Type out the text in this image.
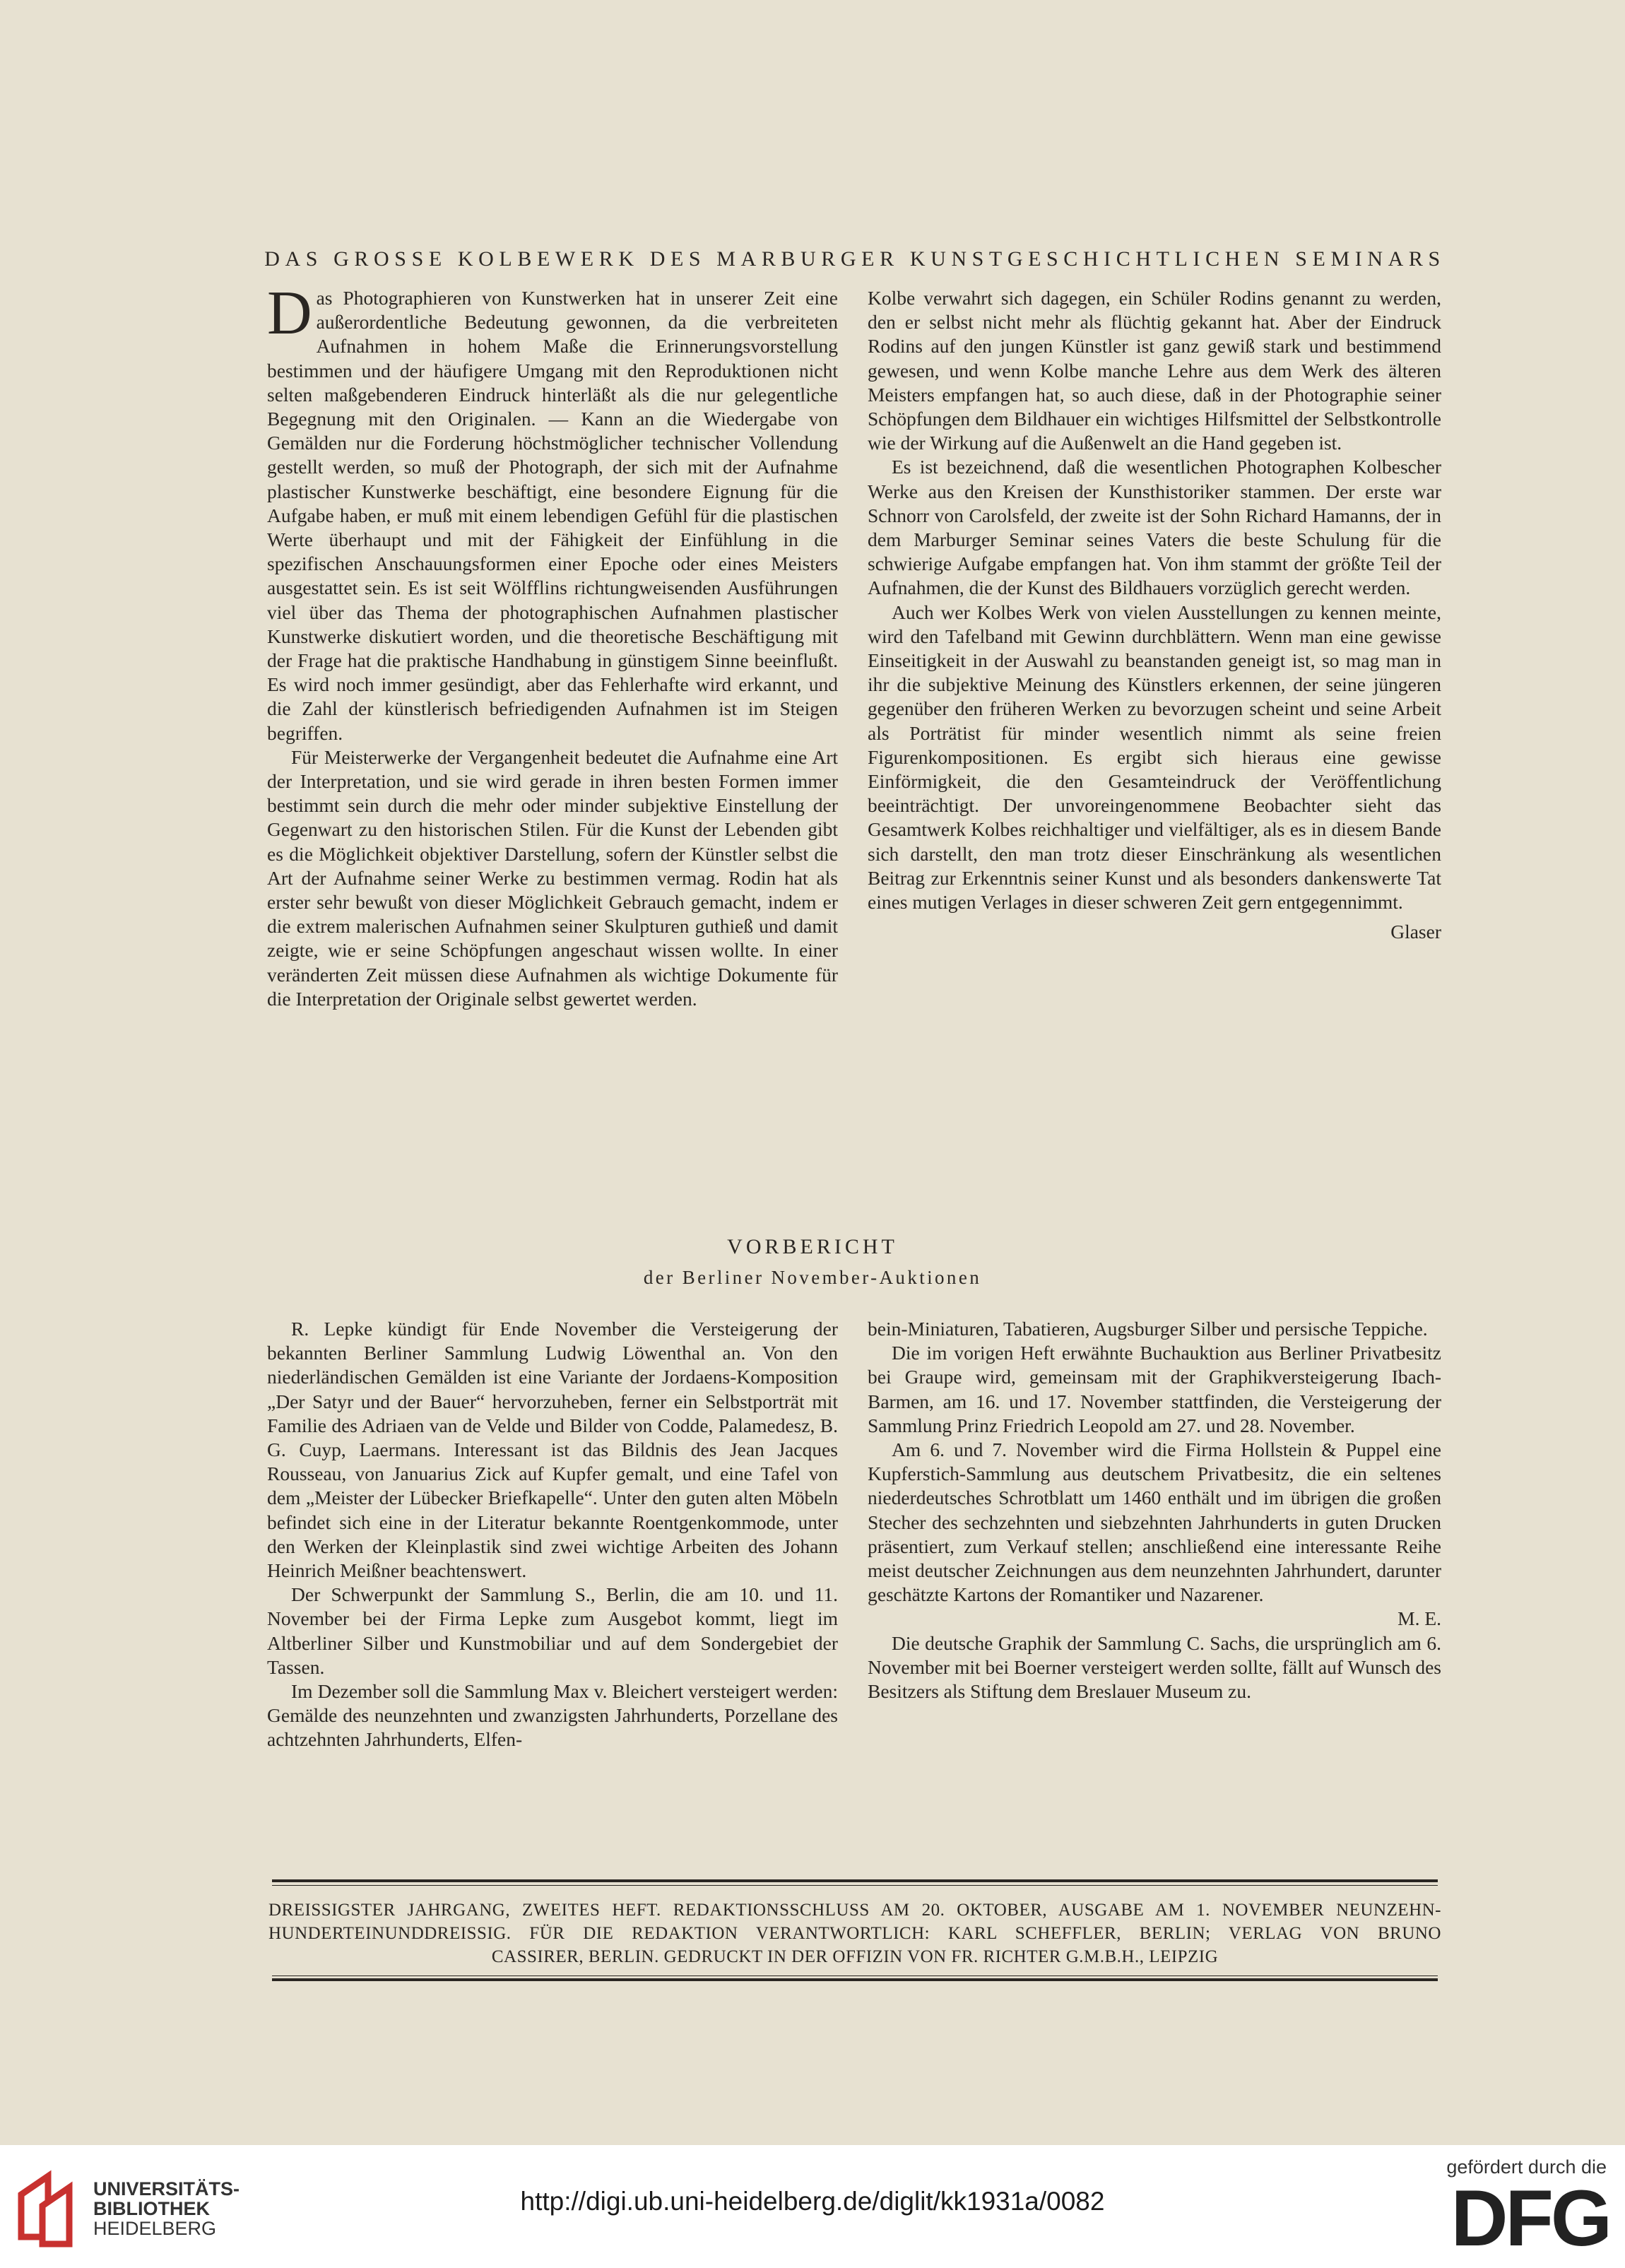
DAS GROSSE KOLBEWERK DES MARBURGER KUNSTGESCHICHTLICHEN SEMINARS

Das Photographieren von Kunstwerken hat in unserer Zeit eine außerordentliche Bedeutung gewonnen, da die verbreiteten Aufnahmen in hohem Maße die Erinnerungsvorstellung bestimmen und der häufigere Umgang mit den Reproduktionen nicht selten maßgebenderen Eindruck hinterläßt als die nur gelegentliche Begegnung mit den Originalen. — Kann an die Wiedergabe von Gemälden nur die Forderung höchstmöglicher technischer Vollendung gestellt werden, so muß der Photograph, der sich mit der Aufnahme plastischer Kunstwerke beschäftigt, eine besondere Eignung für die Aufgabe haben, er muß mit einem lebendigen Gefühl für die plastischen Werte überhaupt und mit der Fähigkeit der Einfühlung in die spezifischen Anschauungsformen einer Epoche oder eines Meisters ausgestattet sein. Es ist seit Wölfflins richtungweisenden Ausführungen viel über das Thema der photographischen Aufnahmen plastischer Kunstwerke diskutiert worden, und die theoretische Beschäftigung mit der Frage hat die praktische Handhabung in günstigem Sinne beeinflußt. Es wird noch immer gesündigt, aber das Fehlerhafte wird erkannt, und die Zahl der künstlerisch befriedigenden Aufnahmen ist im Steigen begriffen.

Für Meisterwerke der Vergangenheit bedeutet die Aufnahme eine Art der Interpretation, und sie wird gerade in ihren besten Formen immer bestimmt sein durch die mehr oder minder subjektive Einstellung der Gegenwart zu den historischen Stilen. Für die Kunst der Lebenden gibt es die Möglichkeit objektiver Darstellung, sofern der Künstler selbst die Art der Aufnahme seiner Werke zu bestimmen vermag. Rodin hat als erster sehr bewußt von dieser Möglichkeit Gebrauch gemacht, indem er die extrem malerischen Aufnahmen seiner Skulpturen guthieß und damit zeigte, wie er seine Schöpfungen angeschaut wissen wollte. In einer veränderten Zeit müssen diese Aufnahmen als wichtige Dokumente für die Interpretation der Originale selbst gewertet werden.

Kolbe verwahrt sich dagegen, ein Schüler Rodins genannt zu werden, den er selbst nicht mehr als flüchtig gekannt hat. Aber der Eindruck Rodins auf den jungen Künstler ist ganz gewiß stark und bestimmend gewesen, und wenn Kolbe manche Lehre aus dem Werk des älteren Meisters empfangen hat, so auch diese, daß in der Photographie seiner Schöpfungen dem Bildhauer ein wichtiges Hilfsmittel der Selbstkontrolle wie der Wirkung auf die Außenwelt an die Hand gegeben ist.

Es ist bezeichnend, daß die wesentlichen Photographen Kolbescher Werke aus den Kreisen der Kunsthistoriker stammen. Der erste war Schnorr von Carolsfeld, der zweite ist der Sohn Richard Hamanns, der in dem Marburger Seminar seines Vaters die beste Schulung für die schwierige Aufgabe empfangen hat. Von ihm stammt der größte Teil der Aufnahmen, die der Kunst des Bildhauers vorzüglich gerecht werden.

Auch wer Kolbes Werk von vielen Ausstellungen zu kennen meinte, wird den Tafelband mit Gewinn durchblättern. Wenn man eine gewisse Einseitigkeit in der Auswahl zu beanstanden geneigt ist, so mag man in ihr die subjektive Meinung des Künstlers erkennen, der seine jüngeren gegenüber den früheren Werken zu bevorzugen scheint und seine Arbeit als Porträtist für minder wesentlich nimmt als seine freien Figurenkompositionen. Es ergibt sich hieraus eine gewisse Einförmigkeit, die den Gesamteindruck der Veröffentlichung beeinträchtigt. Der unvoreingenommene Beobachter sieht das Gesamtwerk Kolbes reichhaltiger und vielfältiger, als es in diesem Bande sich darstellt, den man trotz dieser Einschränkung als wesentlichen Beitrag zur Erkenntnis seiner Kunst und als besonders dankenswerte Tat eines mutigen Verlages in dieser schweren Zeit gern entgegennimmt.

Glaser
VORBERICHT
der Berliner November-Auktionen

R. Lepke kündigt für Ende November die Versteigerung der bekannten Berliner Sammlung Ludwig Löwenthal an. Von den niederländischen Gemälden ist eine Variante der Jordaens-Komposition „Der Satyr und der Bauer“ hervorzuheben, ferner ein Selbstporträt mit Familie des Adriaen van de Velde und Bilder von Codde, Palamedesz, B. G. Cuyp, Laermans. Interessant ist das Bildnis des Jean Jacques Rousseau, von Januarius Zick auf Kupfer gemalt, und eine Tafel von dem „Meister der Lübecker Briefkapelle“. Unter den guten alten Möbeln befindet sich eine in der Literatur bekannte Roentgenkommode, unter den Werken der Kleinplastik sind zwei wichtige Arbeiten des Johann Heinrich Meißner beachtenswert.

Der Schwerpunkt der Sammlung S., Berlin, die am 10. und 11. November bei der Firma Lepke zum Ausgebot kommt, liegt im Altberliner Silber und Kunstmobiliar und auf dem Sondergebiet der Tassen.

Im Dezember soll die Sammlung Max v. Bleichert versteigert werden: Gemälde des neunzehnten und zwanzigsten Jahrhunderts, Porzellane des achtzehnten Jahrhunderts, Elfen-

bein-Miniaturen, Tabatieren, Augsburger Silber und persische Teppiche.

Die im vorigen Heft erwähnte Buchauktion aus Berliner Privatbesitz bei Graupe wird, gemeinsam mit der Graphikversteigerung Ibach-Barmen, am 16. und 17. November stattfinden, die Versteigerung der Sammlung Prinz Friedrich Leopold am 27. und 28. November.

Am 6. und 7. November wird die Firma Hollstein & Puppel eine Kupferstich-Sammlung aus deutschem Privatbesitz, die ein seltenes niederdeutsches Schrotblatt um 1460 enthält und im übrigen die großen Stecher des sechzehnten und siebzehnten Jahrhunderts in guten Drucken präsentiert, zum Verkauf stellen; anschließend eine interessante Reihe meist deutscher Zeichnungen aus dem neunzehnten Jahrhundert, darunter geschätzte Kartons der Romantiker und Nazarener.

M. E.

Die deutsche Graphik der Sammlung C. Sachs, die ursprünglich am 6. November mit bei Boerner versteigert werden sollte, fällt auf Wunsch des Besitzers als Stiftung dem Breslauer Museum zu.

DREISSIGSTER JAHRGANG, ZWEITES HEFT. REDAKTIONSSCHLUSS AM 20. OKTOBER, AUSGABE AM 1. NOVEMBER NEUNZEHN-
HUNDERTEINUNDDREISSIG. FÜR DIE REDAKTION VERANTWORTLICH: KARL SCHEFFLER, BERLIN; VERLAG VON BRUNO
CASSIRER, BERLIN. GEDRUCKT IN DER OFFIZIN VON FR. RICHTER G.M.B.H., LEIPZIG
UNIVERSITÄTS-
BIBLIOTHEK
HEIDELBERG
http://digi.ub.uni-heidelberg.de/diglit/kk1931a/0082
gefördert durch die
DFG
